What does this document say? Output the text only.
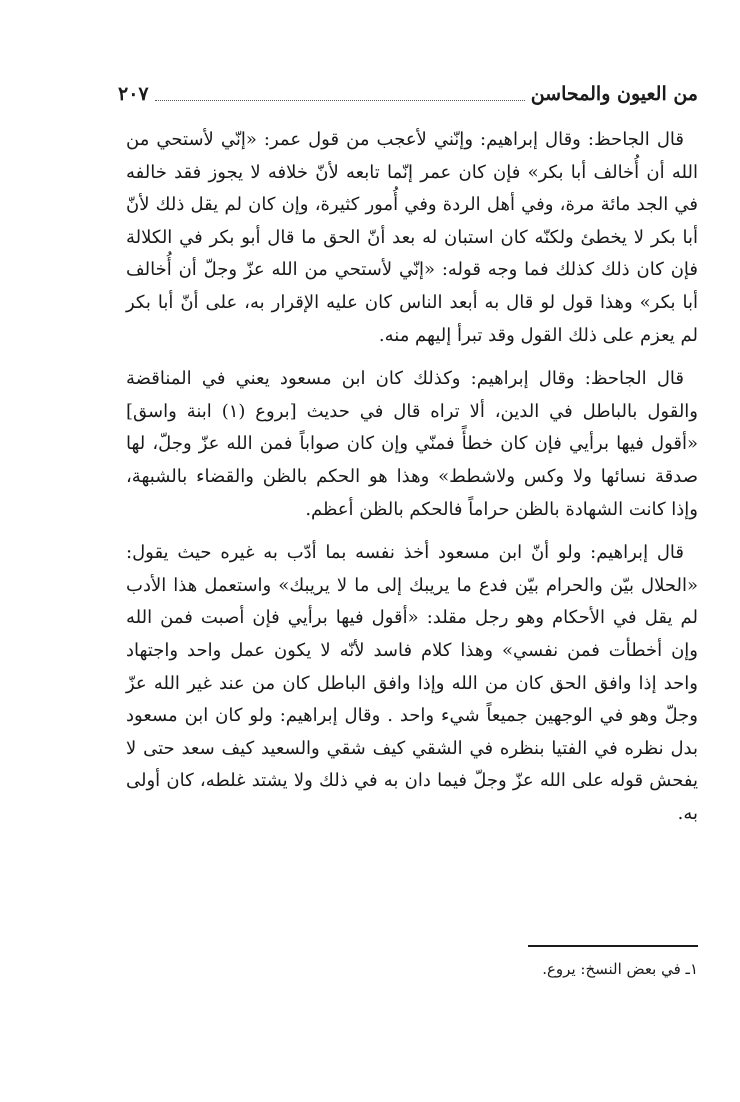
من العيون والمحاسن
٢٠٧

قال الجاحظ: وقال إبراهيم: وإنّني لأعجب من قول عمر: «إنّي لأستحي من الله أن أُخالف أبا بكر» فإن كان عمر إنّما تابعه لأنّ خلافه لا يجوز فقد خالفه في الجد مائة مرة، وفي أهل الردة وفي أُمور كثيرة، وإن كان لم يقل ذلك لأنّ أبا بكر لا يخطئ ولكنّه كان استبان له بعد أنّ الحق ما قال أبو بكر في الكلالة فإن كان ذلك كذلك فما وجه قوله: «إنّي لأستحي من الله عزّ وجلّ أن أُخالف أبا بكر» وهذا قول لو قال به أبعد الناس كان عليه الإقرار به، على أنّ أبا بكر لم يعزم على ذلك القول وقد تبرأ إليهم منه.

قال الجاحظ: وقال إبراهيم: وكذلك كان ابن مسعود يعني في المناقضة والقول بالباطل في الدين، ألا تراه قال في حديث [بروع (١) ابنة واسق] «أقول فيها برأيي فإن كان خطأً فمنّي وإن كان صواباً فمن الله عزّ وجلّ، لها صدقة نسائها ولا وكس ولاشطط» وهذا هو الحكم بالظن والقضاء بالشبهة، وإذا كانت الشهادة بالظن حراماً فالحكم بالظن أعظم.

قال إبراهيم: ولو أنّ ابن مسعود أخذ نفسه بما أدّب به غيره حيث يقول: «الحلال بيّن والحرام بيّن فدع ما يريبك إلى ما لا يريبك» واستعمل هذا الأدب لم يقل في الأحكام وهو رجل مقلد: «أقول فيها برأيي فإن أصبت فمن الله وإن أخطأت فمن نفسي» وهذا كلام فاسد لأنّه لا يكون عمل واحد واجتهاد واحد إذا وافق الحق كان من الله وإذا وافق الباطل كان من عند غير الله عزّ وجلّ وهو في الوجهين جميعاً شيء واحد . وقال إبراهيم: ولو كان ابن مسعود بدل نظره في الفتيا بنظره في الشقي كيف شقي والسعيد كيف سعد حتى لا يفحش قوله على الله عزّ وجلّ فيما دان به في ذلك ولا يشتد غلطه، كان أولى به.

١ـ في بعض النسخ: يروع.
